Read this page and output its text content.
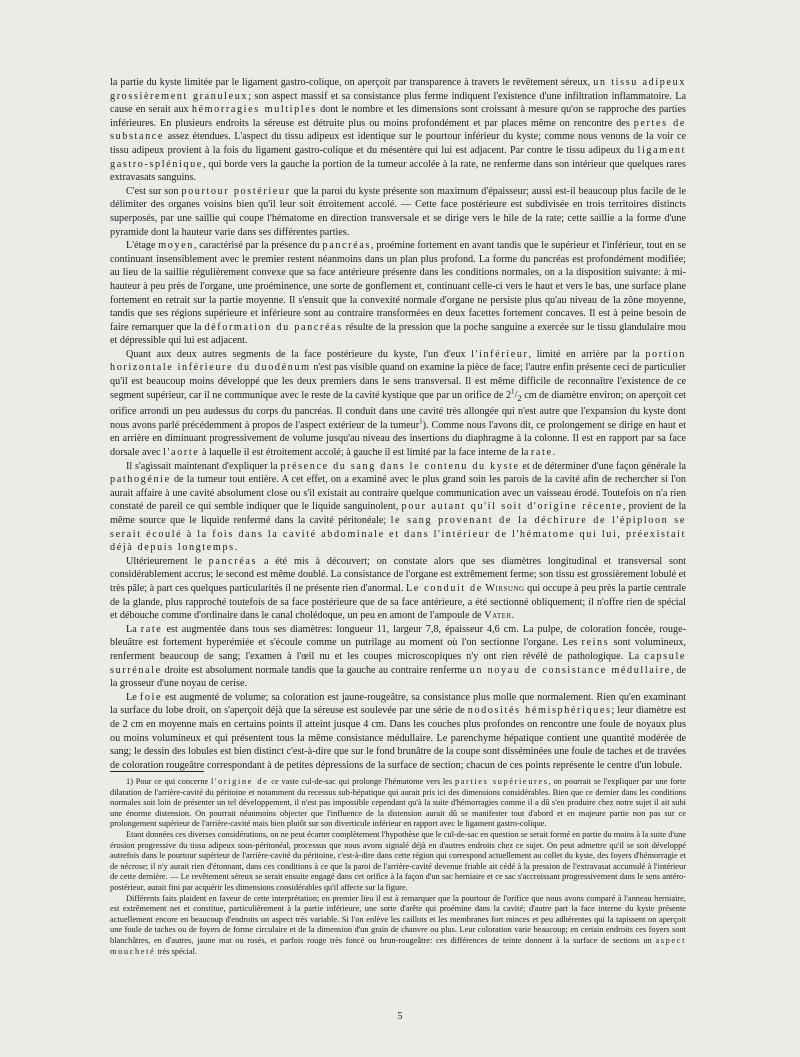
la partie du kyste limitée par le ligament gastro-colique, on aperçoit par transparence à travers le revêtement séreux, un tissu adipeux grossièrement granuleux; son aspect massif et sa consistance plus ferme indiquent l'existence d'une infiltration inflammatoire. La cause en serait aux hémorragies multiples dont le nombre et les dimensions sont croissant à mesure qu'on se rapproche des parties inférieures. En plusieurs endroits la séreuse est détruite plus ou moins profondément et par places même on rencontre des pertes de substance assez étendues. L'aspect du tissu adipeux est identique sur le pourtour inférieur du kyste; comme nous venons de la voir ce tissu adipeux provient à la fois du ligament gastro-colique et du mésentère qui lui est adjacent. Par contre le tissu adipeux du ligament gastro-splénique, qui borde vers la gauche la portion de la tumeur accolée à la rate, ne renferme dans son intérieur que quelques rares extravasats sanguins.

C'est sur son pourtour postérieur que la paroi du kyste présente son maximum d'épaisseur; aussi est-il beaucoup plus facile de le délimiter des organes voisins bien qu'il leur soit étroitement accolé. — Cette face postérieure est subdivisée en trois territoires distincts superposés, par une saillie qui coupe l'hématome en direction transversale et se dirige vers le hile de la rate; cette saillie a la forme d'une pyramide dont la hauteur varie dans ses différentes parties.

L'étage moyen, caractérisé par la présence du pancréas, proémine fortement en avant tandis que le supérieur et l'inférieur, tout en se continuant insensiblement avec le premier restent néanmoins dans un plan plus profond. La forme du pancréas est profondément modifiée; au lieu de la saillie régulièrement convexe que sa face antérieure présente dans les conditions normales, on a la disposition suivante: à mi-hauteur à peu près de l'organe, une proéminence, une sorte de gonflement et, continuant celle-ci vers le haut et vers le bas, une surface plane fortement en retrait sur la partie moyenne. Il s'ensuit que la convexité normale d'organe ne persiste plus qu'au niveau de la zône moyenne, tandis que ses régions supérieure et inférieure sont au contraire transformées en deux facettes fortement concaves. Il est à peine besoin de faire remarquer que la déformation du pancréas résulte de la pression que la poche sanguine a exercée sur le tissu glandulaire mou et dépressible qui lui est adjacent.

Quant aux deux autres segments de la face postérieure du kyste, l'un d'eux l'inférieur, limité en arrière par la portion horizontale inférieure du duodénum n'est pas visible quand on examine la pièce de face; l'autre enfin présente ceci de particulier qu'il est beaucoup moins développé que les deux premiers dans le sens transversal. Il est même difficile de reconnaître l'existence de ce segment supérieur, car il ne communique avec le reste de la cavité kystique que par un orifice de $2^1/_2$ cm de diamètre environ; on aperçoit cet orifice arrondi un peu audessus du corps du pancréas. Il conduit dans une cavité très allongée qui n'est autre que l'expansion du kyste dont nous avons parlé précédemment à propos de l'aspect extérieur de la tumeur$^1$). Comme nous l'avons dit, ce prolongement se dirige en haut et en arrière en diminuant progressivement de volume jusqu'au niveau des insertions du diaphragme à la colonne. Il est en rapport par sa face dorsale avec l'aorte à laquelle il est étroitement accolé; à gauche il est limité par la face interne de la rate.

Il s'agissait maintenant d'expliquer la présence du sang dans le contenu du kyste et de déterminer d'une façon générale la pathogénie de la tumeur tout entière. A cet effet, on a examiné avec le plus grand soin les parois de la cavité afin de rechercher si l'on aurait affaire à une cavité absolument close ou s'il existait au contraire quelque communication avec un vaisseau érodé. Toutefois on n'a rien constaté de pareil ce qui semble indiquer que le liquide sanguinolent, pour autant qu'il soit d'origine récente, provient de la même source que le liquide renfermé dans la cavité péritonéale; le sang provenant de la déchirure de l'épiploon se serait écoulé à la fois dans la cavité abdominale et dans l'intérieur de l'hématome qui lui, préexistait déjà depuis longtemps.

Ultérieurement le pancréas a été mis à découvert; on constate alors que ses diamètres longitudinal et transversal sont considérablement accrus; le second est même doublé. La consistance de l'organe est extrêmement ferme; son tissu est grossièrement lobulé et très pâle; à part ces quelques particularités il ne présente rien d'anormal. Le conduit de Wirsung qui occupe à peu près la partie centrale de la glande, plus rapproché toutefois de sa face postérieure que de sa face antérieure, a été sectionné obliquement; il n'offre rien de spécial et débouche comme d'ordinaire dans le canal cholédoque, un peu en amont de l'ampoule de Vater.

La rate est augmentée dans tous ses diamètres: longueur 11, largeur 7,8, épaisseur 4,6 cm. La pulpe, de coloration foncée, rouge-bleuâtre est fortement hyperémiée et s'écoule comme un putrilage au moment où l'on sectionne l'organe. Les reins sont volumineux, renferment beaucoup de sang; l'examen à l'œil nu et les coupes microscopiques n'y ont rien révélé de pathologique. La capsule surrénale droite est absolument normale tandis que la gauche au contraire renferme un noyau de consistance médullaire, de la grosseur d'une noyau de cerise.

Le foie est augmenté de volume; sa coloration est jaune-rougeâtre, sa consistance plus molle que normalement. Rien qu'en examinant la surface du lobe droit, on s'aperçoit déjà que la séreuse est soulevée par une série de nodosités hémisphériques; leur diamètre est de 2 cm en moyenne mais en certains points il atteint jusque 4 cm. Dans les couches plus profondes on rencontre une foule de noyaux plus ou moins volumineux et qui présentent tous la même consistance médullaire. Le parenchyme hépatique contient une quantité modérée de sang; le dessin des lobules est bien distinct c'est-à-dire que sur le fond brunâtre de la coupe sont disséminées une foule de taches et de travées de coloration rougeâtre correspondant à de petites dépressions de la surface de section; chacun de ces points représente le centre d'un lobule.

1) Pour ce qui concerne l'origine de ce vaste cul-de-sac qui prolonge l'hématome vers les parties supérieures, on pourrait se l'expliquer par une forte dilatation de l'arrière-cavité du péritoine et notamment du recessus sub-hépatique qui aurait pris ici des dimensions considérables. Bien que ce dernier dans les conditions normales soit loin de présenter un tel développement, il n'est pas impossible cependant qu'à la suite d'hémorragies comme il a dû s'en produire chez notre sujet il ait subi une énorme distension. On pourrait néanmoins objecter que l'influence de la distension aurait dû se manifester tout d'abord et en majeure partie non pas sur ce prolongement supérieur de l'arrière-cavité mais bien plutôt sur son diverticule inférieur en rapport avec le ligament gastro-colique.

Etant données ces diverses considérations, on ne peut écarter complètement l'hypothèse que le cul-de-sac en question se serait formé en partie du moins à la suite d'une érosion progressive du tissu adipeux sous-péritonéal, processus que nous avons signalé déjà en d'autres endroits chez ce sujet. On peut admettre qu'il se soit développé autrefois dans le pourtour supérieur de l'arrière-cavité du péritoine, c'est-à-dire dans cette région qui correspond actuellement au collet du kyste, des foyers d'hémorragie et de nécrose; il n'y aurait rien d'étonnant, dans ces conditions à ce que la paroi de l'arrière-cavité devenue friable ait cédé à la pression de l'extravasat accumulé à l'intérieur de cette dernière. — Le revêtement séreux se serait ensuite engagé dans cet orifice à la façon d'un sac herniaire et ce sac s'accroissant progressivement dans le sens antéro-postérieur, aurait fini par acquérir les dimensions considérables qu'il affecte sur la figure.

Différents faits plaident en faveur de cette interprétation; en premier lieu il est à remarquer que la pourtour de l'orifice que nous avons comparé à l'anneau herniaire, est extrêmement net et constitue, particulièrement à la partie inférieure, une sorte d'arête qui proémine dans la cavité; d'autre part la face interne du kyste présente actuellement encore en beaucoup d'endroits un aspect très variable. Si l'on enlève les caillots et les membranes fort minces et peu adhérentes qui la tapissent on aperçoit une foule de taches ou de foyers de forme circulaire et de la dimension d'un grain de chanvre ou plus. Leur coloration varie beaucoup; en certain endroits ces foyers sont blanchâtres, en d'autres, jaune mat ou rosés, et parfois rouge très foncé ou brun-rougeâtre: ces différences de teinte donnent à la surface de sections un aspect moucheté très spécial.

5
